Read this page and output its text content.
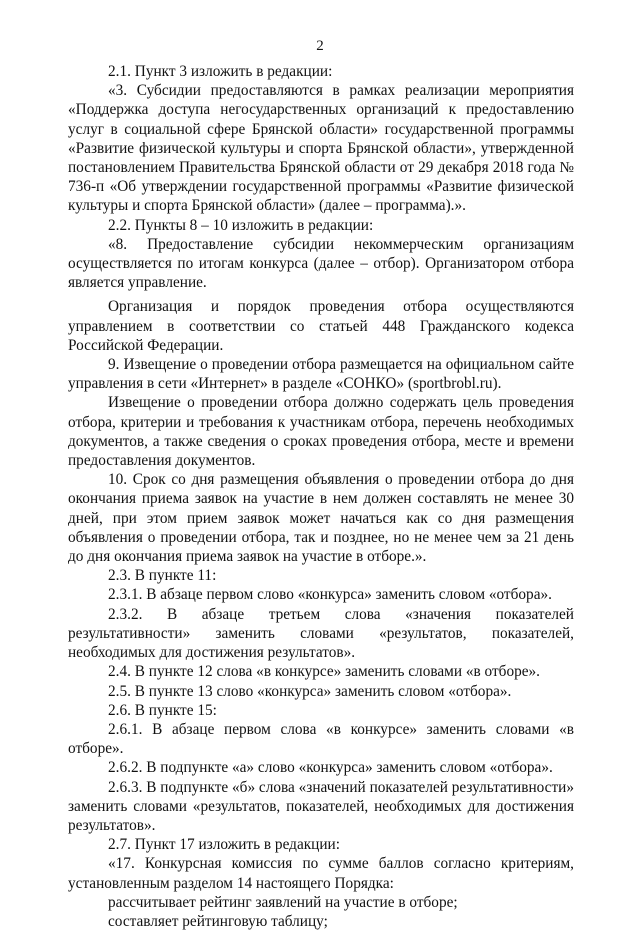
2

2.1. Пункт 3 изложить в редакции:

«3. Субсидии предоставляются в рамках реализации мероприятия «Поддержка доступа негосударственных организаций к предоставлению услуг в социальной сфере Брянской области» государственной программы «Развитие физической культуры и спорта Брянской области», утвержденной постановлением Правительства Брянской области от 29 декабря 2018 года № 736-п «Об утверждении государственной программы «Развитие физической культуры и спорта Брянской области» (далее – программа).».

2.2. Пункты 8 – 10 изложить в редакции:

«8. Предоставление субсидии некоммерческим организациям осуществляется по итогам конкурса (далее – отбор). Организатором отбора является управление.

Организация и порядок проведения отбора осуществляются управлением в соответствии со статьей 448 Гражданского кодекса Российской Федерации.

9. Извещение о проведении отбора размещается на официальном сайте управления в сети «Интернет» в разделе «СОНКО» (sportbrobl.ru).

Извещение о проведении отбора должно содержать цель проведения отбора, критерии и требования к участникам отбора, перечень необходимых документов, а также сведения о сроках проведения отбора, месте и времени предоставления документов.

10. Срок со дня размещения объявления о проведении отбора до дня окончания приема заявок на участие в нем должен составлять не менее 30 дней, при этом прием заявок может начаться как со дня размещения объявления о проведении отбора, так и позднее, но не менее чем за 21 день до дня окончания приема заявок на участие в отборе.».

2.3. В пункте 11:

2.3.1. В абзаце первом слово «конкурса» заменить словом «отбора».

2.3.2. В абзаце третьем слова «значения показателей результативности» заменить словами «результатов, показателей, необходимых для достижения результатов».

2.4. В пункте 12 слова «в конкурсе» заменить словами «в отборе».

2.5. В пункте 13 слово «конкурса» заменить словом «отбора».

2.6. В пункте 15:

2.6.1. В абзаце первом слова «в конкурсе» заменить словами «в отборе».

2.6.2. В подпункте «а» слово «конкурса» заменить словом «отбора».

2.6.3. В подпункте «б» слова «значений показателей результативности» заменить словами «результатов, показателей, необходимых для достижения результатов».

2.7. Пункт 17 изложить в редакции:

«17. Конкурсная комиссия по сумме баллов согласно критериям, установленным разделом 14 настоящего Порядка:

рассчитывает рейтинг заявлений на участие в отборе;

составляет рейтинговую таблицу;
